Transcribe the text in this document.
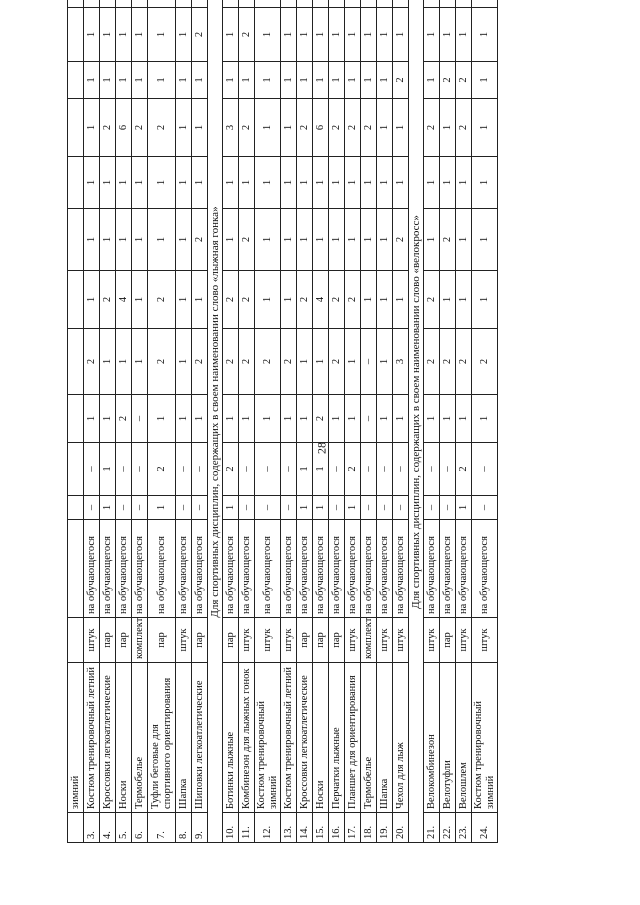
28
	зимний													
3.	Костюм тренировочный летний	штук	на обучающегося	–	–	1	2	1	1	1	1	1	1	
4.	Кроссовки легкоатлетические	пар	на обучающегося	1	1	1	1	2	1	1	2	1	1	
5.	Носки	пар	на обучающегося	–	–	2	1	4	1	1	6	1	1	
6.	Термобелье	комплект	на обучающегося	–	–	–	1	1	1	1	2	1	1	
7.	Туфли беговые для спортивного ориентирования	пар	на обучающегося	1	2	1	2	2	1	1	2	1	1	
8.	Шапка	штук	на обучающегося	–	–	1	1	1	1	1	1	1	1	
9.	Шиповки легкоатлетические	пар	на обучающегося	–	–	1	2	1	2	1	1	1	2	
Для спортивных дисциплин, содержащих в своем наименовании слово «лыжная гонка»														
10.	Ботинки лыжные	пар	на обучающегося	1	2	1	2	2	1	1	3	1	1	
11.	Комбинезон для лыжных гонок	штук	на обучающегося	–	–	1	2	2	2	1	2	1	2	
12.	Костюм тренировочный зимний	штук	на обучающегося	–	–	1	2	1	1	1	1	1	1	
13.	Костюм тренировочный летний	штук	на обучающегося	–	–	1	2	1	1	1	1	1	1	
14.	Кроссовки легкоатлетические	пар	на обучающегося	1	1	1	1	2	1	1	2	1	1	
15.	Носки	пар	на обучающегося	1	1	2	1	4	1	1	6	1	1	
16.	Перчатки лыжные	пар	на обучающегося	–	–	1	2	2	1	1	2	1	1	
17.	Планшет для ориентирования	штук	на обучающегося	1	2	1	1	2	1	1	2	1	1	
18.	Термобелье	комплект	на обучающегося	–	–	–	–	1	1	1	2	1	1	
19.	Шапка	штук	на обучающегося	–	–	1	1	1	1	1	1	1	1	
20.	Чехол для лыж	штук	на обучающегося	–	–	1	3	1	2	1	1	2	1	
Для спортивных дисциплин, содержащих в своем наименовании слово «велокросс»														
21.	Велокомбинезон	штук	на обучающегося	–	–	1	2	2	1	1	2	1	1	
22.	Велотуфли	пар	на обучающегося	–	–	1	2	1	2	1	1	2	1	
23.	Велошлем	штук	на обучающегося	1	2	1	2	1	1	1	2	2	1	
24.	Костюм тренировочный зимний	штук	на обучающегося	–	–	1	2	1	1	1	1	1	1	
